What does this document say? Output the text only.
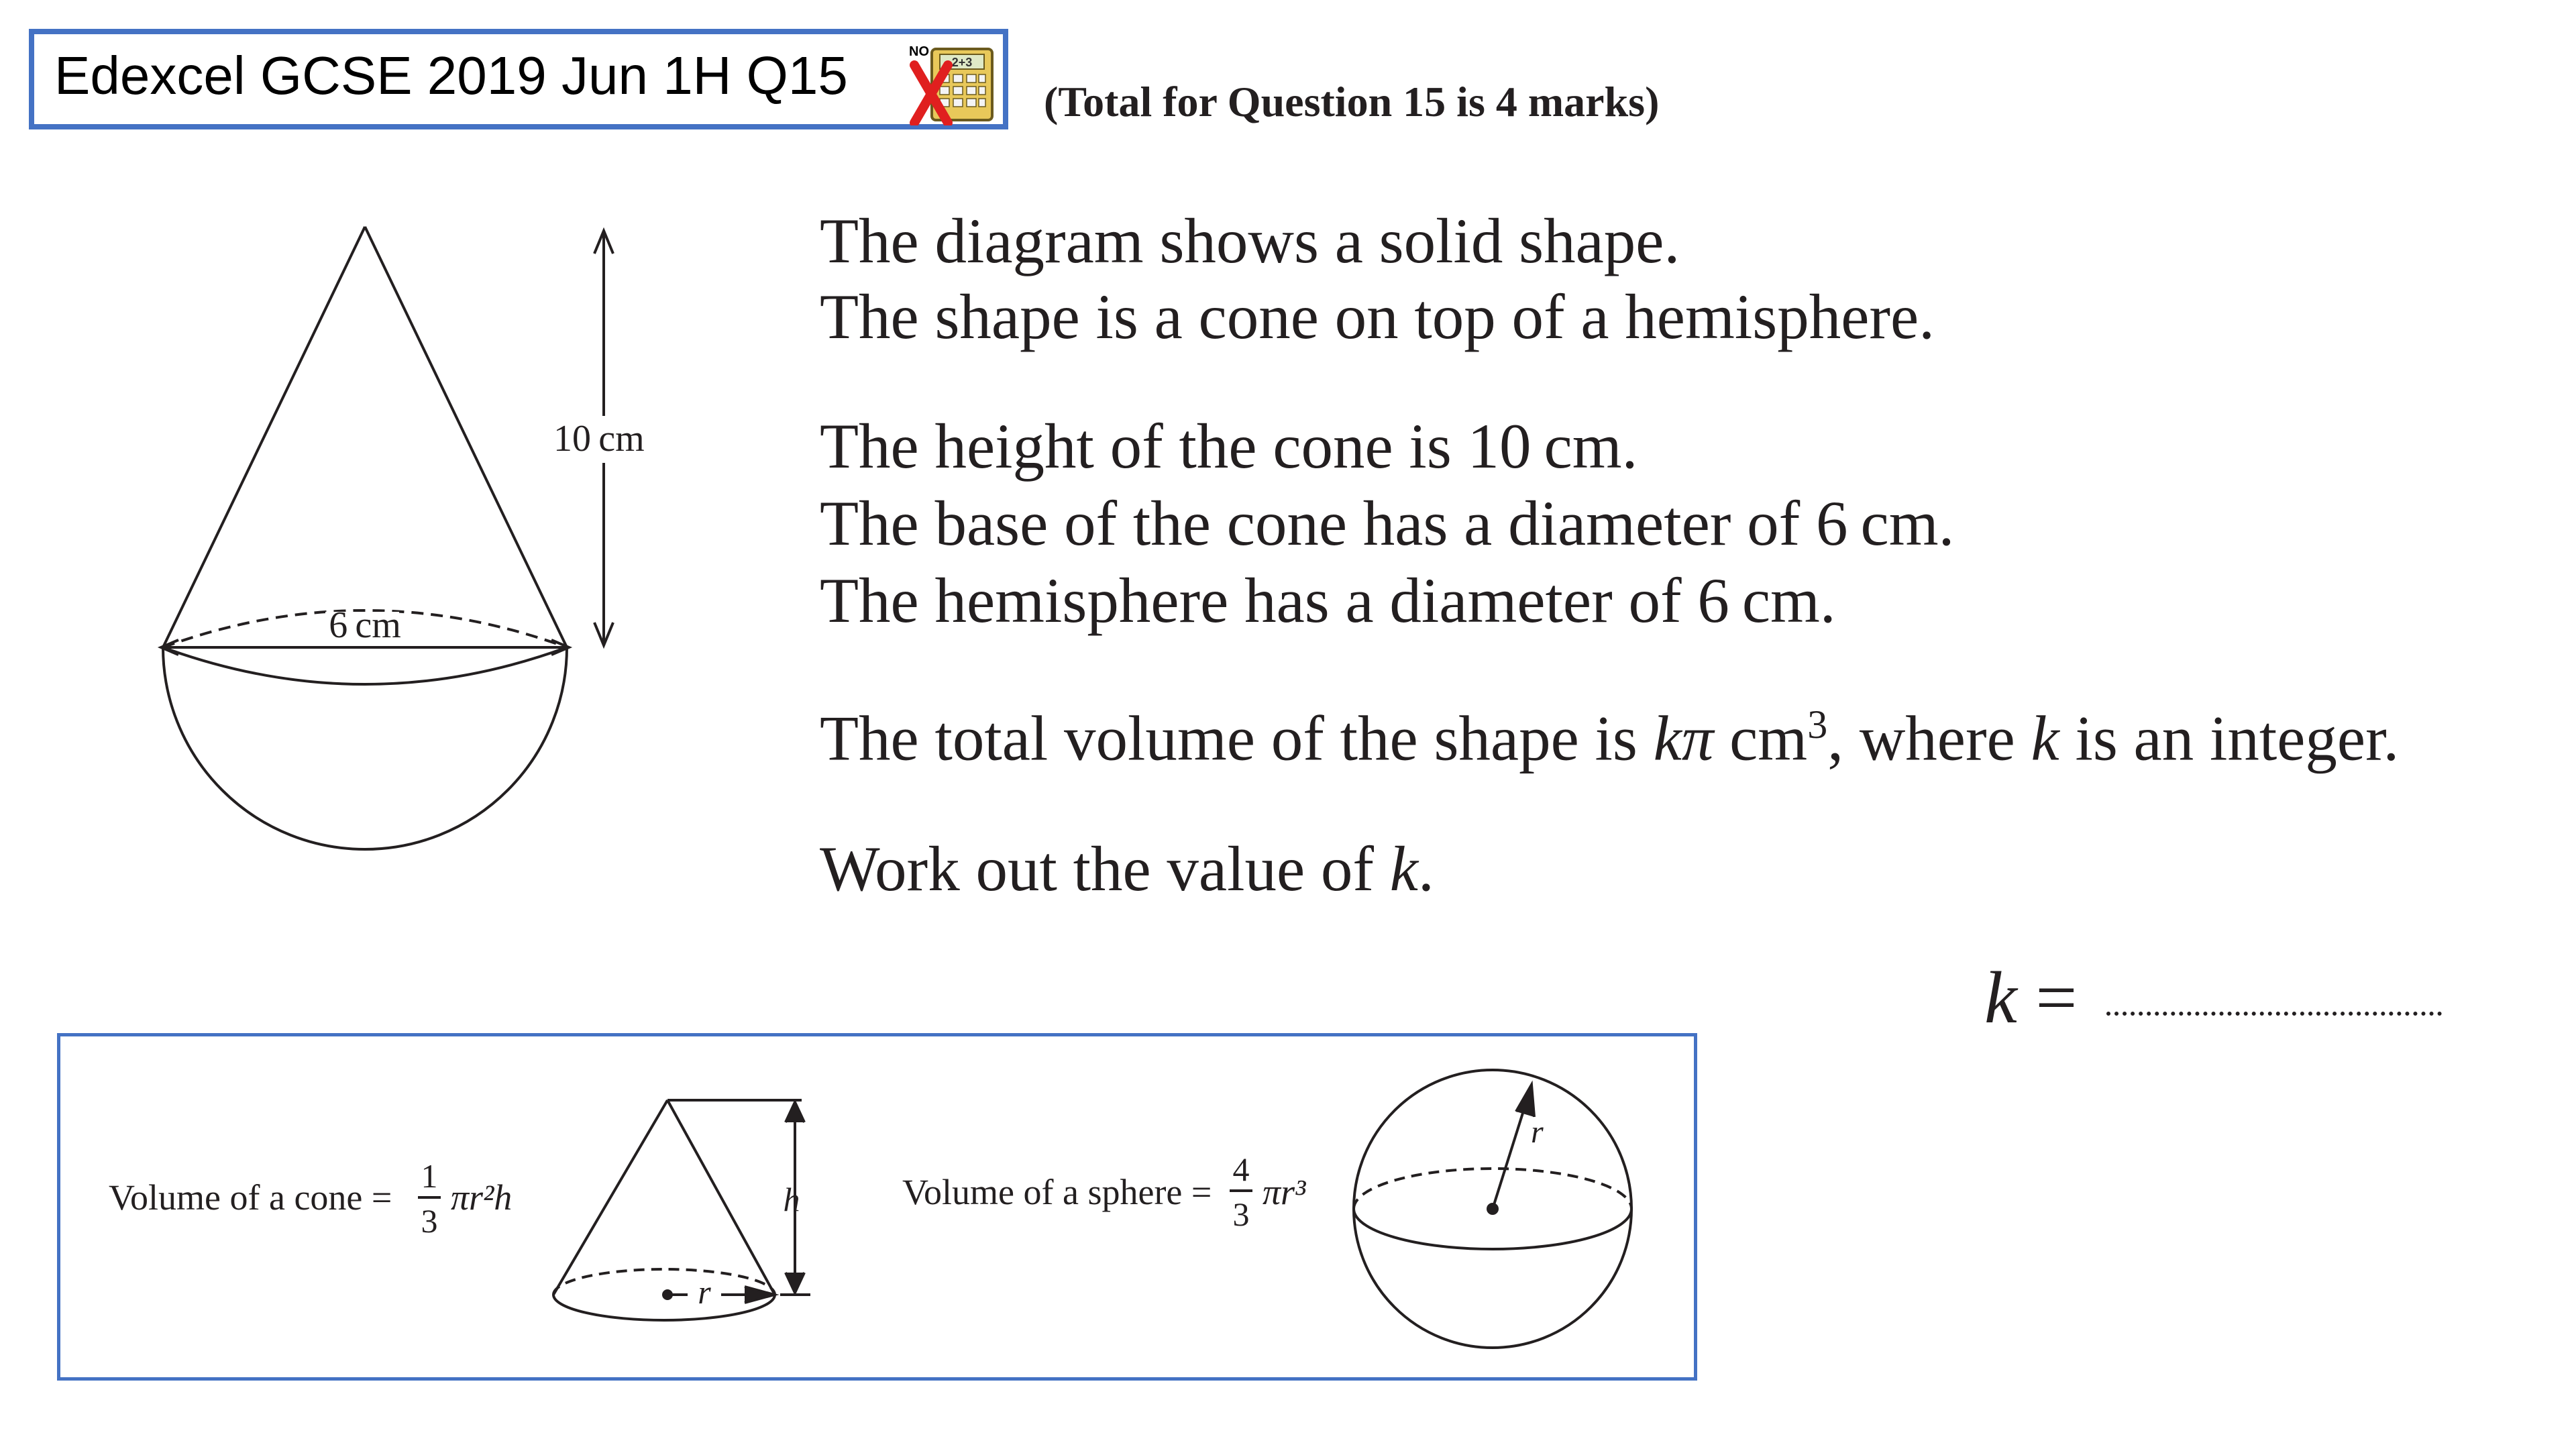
Edexcel GCSE 2019 Jun 1H Q15	2+3
NO
(Total for Question 15 is 4 marks)
6 cm
10 cm
The diagram shows a solid shape.
The shape is a cone on top of a hemisphere.
The height of the cone is 10 cm.
The base of the cone has a diameter of 6 cm.
The hemisphere has a diameter of 6 cm.
The total volume of the shape is kπ $cm^3$, where k is an integer.
Work out the value of k.
k =
Volume of a cone =
1
3
πr²h	Volume of a sphere =
4
3
πr³
h
r
r
